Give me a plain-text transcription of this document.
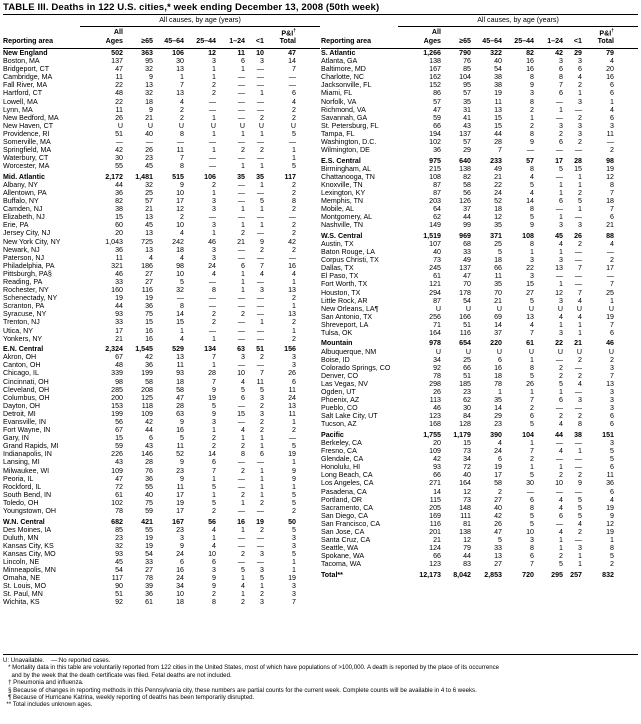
TABLE III. Deaths in 122 U.S. cities,* week ending December 13, 2008 (50th week)
All causes, by age (years)
Reporting area
All
Ages	≥65	45–64	25–44	1–24	<1
P&I†
Total
New England	502	363	106	12	11	10	47	
Boston, MA	137	95	30	3	6	3	14	
Bridgeport, CT	47	32	13	1	1	—	7	
Cambridge, MA	11	9	1	1	—	—	—	
Fall River, MA	22	13	7	2	—	—	—	
Hartford, CT	48	32	13	2	—	1	6	
Lowell, MA	22	18	4	—	—	—	4	
Lynn, MA	11	9	2	—	—	—	2	
New Bedford, MA	26	21	2	1	—	2	2	
New Haven, CT	U	U	U	U	U	U	U	
Providence, RI	51	40	8	1	1	1	5	
Somerville, MA	—	—	—	—	—	—	—	
Springfield, MA	42	26	11	1	2	2	1	
Waterbury, CT	30	23	7	—	—	—	1	
Worcester, MA	55	45	8	—	1	1	5	
Mid. Atlantic	2,172	1,481	515	106	35	35	117	
Albany, NY	44	32	9	2	—	1	2	
Allentown, PA	36	25	10	1	—	—	2	
Buffalo, NY	82	57	17	3	—	5	8	
Camden, NJ	38	21	12	3	1	1	2	
Elizabeth, NJ	15	13	2	—	—	—	—	
Erie, PA	60	45	10	3	1	1	2	
Jersey City, NJ	20	13	4	1	2	—	2	
New York City, NY	1,043	725	242	46	21	9	42	
Newark, NJ	36	13	18	3	—	2	2	
Paterson, NJ	11	4	4	3	—	—	—	
Philadelphia, PA	321	186	98	24	6	7	16	
Pittsburgh, PA§	46	27	10	4	1	4	4	
Reading, PA	33	27	5	—	1	—	1	
Rochester, NY	160	116	32	8	1	3	13	
Schenectady, NY	19	19	—	—	—	—	2	
Scranton, PA	44	36	8	—	—	—	1	
Syracuse, NY	93	75	14	2	2	—	13	
Trenton, NJ	33	15	15	2	—	1	2	
Utica, NY	17	16	1	—	—	—	1	
Yonkers, NY	21	16	4	1	—	—	2	
E.N. Central	2,324	1,545	529	134	63	51	156	
Akron, OH	67	42	13	7	3	2	3	
Canton, OH	48	36	11	1	—	—	3	
Chicago, IL	339	199	93	28	10	7	26	
Cincinnati, OH	98	58	18	7	4	11	6	
Cleveland, OH	285	208	58	9	5	5	11	
Columbus, OH	200	125	47	19	6	3	24	
Dayton, OH	153	118	28	5	—	2	13	
Detroit, MI	199	109	63	9	15	3	11	
Evansville, IN	56	42	9	3	—	2	1	
Fort Wayne, IN	67	44	16	1	4	2	2	
Gary, IN	15	6	5	2	1	1	—	
Grand Rapids, MI	59	43	11	2	2	1	5	
Indianapolis, IN	226	146	52	14	8	6	19	
Lansing, MI	43	28	9	6	—	—	1	
Milwaukee, WI	109	76	23	7	2	1	9	
Peoria, IL	47	36	9	1	—	1	9	
Rockford, IL	72	55	11	5	—	1	1	
South Bend, IN	61	40	17	1	2	1	5	
Toledo, OH	102	75	19	5	1	2	5	
Youngstown, OH	78	59	17	2	—	—	2	
W.N. Central	682	421	167	56	16	19	50	
Des Moines, IA	85	55	23	4	1	2	5	
Duluth, MN	23	19	3	1	—	—	3	
Kansas City, KS	32	19	9	4	—	—	3	
Kansas City, MO	93	54	24	10	2	3	5	
Lincoln, NE	45	33	6	6	—	—	1	
Minneapolis, MN	54	27	16	3	5	3	1	
Omaha, NE	117	78	24	9	1	5	19	
St. Louis, MO	90	39	34	9	4	1	3	
St. Paul, MN	51	36	10	2	1	2	3	
Wichita, KS	92	61	18	8	2	3	7	
All causes, by age (years)
Reporting area
All
Ages	≥65	45–64	25–44	1–24	<1
P&I†
Total
S. Atlantic	1,266	790	322	82	42	29	79	
Atlanta, GA	138	76	40	16	3	3	4	
Baltimore, MD	167	85	54	16	6	6	20	
Charlotte, NC	162	104	38	8	8	4	16	
Jacksonville, FL	152	95	38	9	7	2	6	
Miami, FL	86	57	19	3	6	1	6	
Norfolk, VA	57	35	11	8	—	3	1	
Richmond, VA	47	31	13	2	1	—	4	
Savannah, GA	59	41	15	1	—	2	6	
St. Petersburg, FL	66	43	15	2	3	3	3	
Tampa, FL	194	137	44	8	2	3	11	
Washington, D.C.	102	57	28	9	6	2	—	
Wilmington, DE	36	29	7	—	—	—	2	
E.S. Central	975	640	233	57	17	28	98	
Birmingham, AL	215	138	49	8	5	15	19	
Chattanooga, TN	108	82	21	4	—	1	12	
Knoxville, TN	87	58	22	5	1	1	8	
Lexington, KY	87	56	24	4	1	2	7	
Memphis, TN	203	126	52	14	6	5	18	
Mobile, AL	64	37	18	8	—	1	7	
Montgomery, AL	62	44	12	5	1	—	6	
Nashville, TN	149	99	35	9	3	3	21	
W.S. Central	1,519	969	371	108	45	26	88	
Austin, TX	107	68	25	8	4	2	4	
Baton Rouge, LA	40	33	5	1	1	—	—	
Corpus Christi, TX	73	49	18	3	3	—	2	
Dallas, TX	245	137	66	22	13	7	17	
El Paso, TX	61	47	11	3	—	—	—	
Fort Worth, TX	121	70	35	15	1	—	7	
Houston, TX	294	178	70	27	12	7	25	
Little Rock, AR	87	54	21	5	3	4	1	
New Orleans, LA¶	U	U	U	U	U	U	U	
San Antonio, TX	256	166	69	13	4	4	19	
Shreveport, LA	71	51	14	4	1	1	7	
Tulsa, OK	164	116	37	7	3	1	6	
Mountain	978	654	220	61	22	21	46	
Albuquerque, NM	U	U	U	U	U	U	U	
Boise, ID	34	25	6	1	—	2	2	
Colorado Springs, CO	92	66	16	8	2	—	3	
Denver, CO	78	51	18	5	2	2	7	
Las Vegas, NV	298	185	78	26	5	4	13	
Ogden, UT	26	23	1	1	1	—	3	
Phoenix, AZ	113	62	35	7	6	3	3	
Pueblo, CO	46	30	14	2	—	—	3	
Salt Lake City, UT	123	84	29	6	2	2	6	
Tucson, AZ	168	128	23	5	4	8	6	
Pacific	1,755	1,179	390	104	44	38	151	
Berkeley, CA	20	15	4	1	—	—	3	
Fresno, CA	109	73	24	7	4	1	5	
Glendale, CA	42	34	6	2	—	—	5	
Honolulu, HI	93	72	19	1	1	—	6	
Long Beach, CA	66	40	17	5	2	2	11	
Los Angeles, CA	271	164	58	30	10	9	36	
Pasadena, CA	14	12	2	—	—	—	6	
Portland, OR	115	73	27	6	4	5	4	
Sacramento, CA	205	148	40	8	4	5	19	
San Diego, CA	169	111	42	5	6	5	9	
San Francisco, CA	116	81	26	5	—	4	12	
San Jose, CA	201	138	47	10	4	2	19	
Santa Cruz, CA	21	12	5	3	1	—	1	
Seattle, WA	124	79	33	8	1	3	8	
Spokane, WA	66	44	13	6	2	1	5	
Tacoma, WA	123	83	27	7	5	1	2	
Total**	12,173	8,042	2,853	720	295	257	832	
U: Unavailable.    —:No reported cases.
* Mortality data in this table are voluntarily reported from 122 cities in the United States, most of which have populations of >100,000. A death is reported by the place of its occurrence
and by the week that the death certificate was filed. Fetal deaths are not included.
† Pneumonia and influenza.
§ Because of changes in reporting methods in this Pennsylvania city, these numbers are partial counts for the current week. Complete counts will be available in 4 to 6 weeks.
¶ Because of Hurricane Katrina, weekly reporting of deaths has been temporarily disrupted.
** Total includes unknown ages.
